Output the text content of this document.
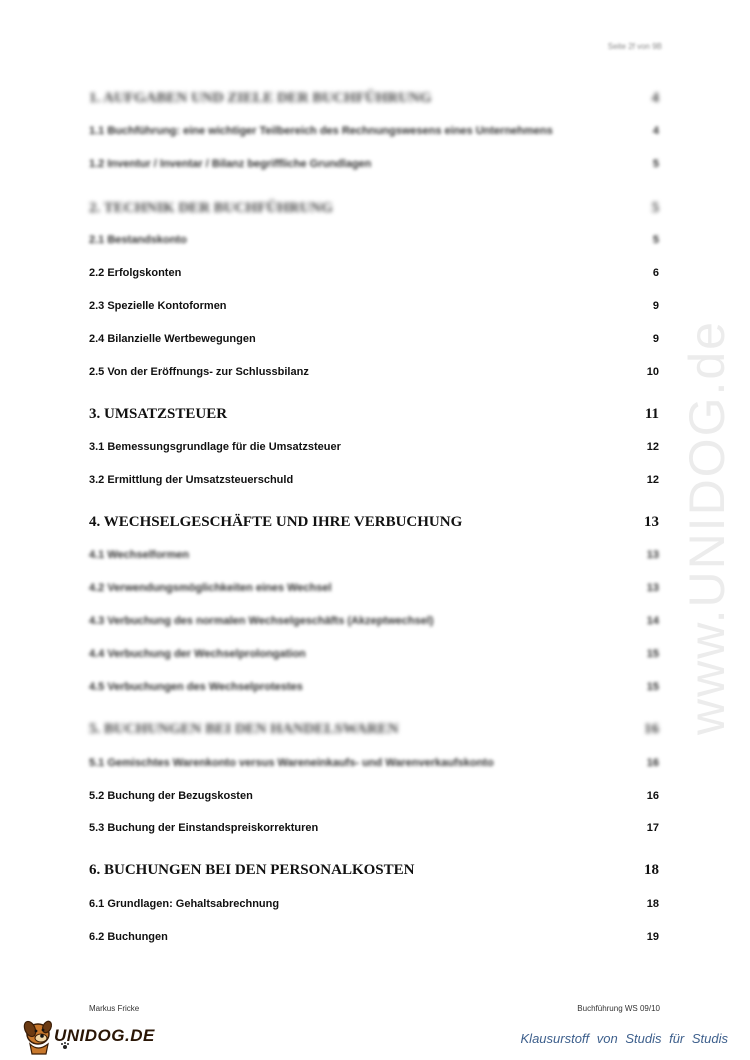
Seite 2f von 9B
1. AUFGABEN UND ZIELE DER BUCHFÜHRUNG	4
1.1 Buchführung: eine wichtiger Teilbereich des Rechnungswesens eines Unternehmens	4
1.2 Inventur / Inventar / Bilanz begriffliche Grundlagen	5
2. TECHNIK DER BUCHFÜHRUNG	5
2.1 Bestandskonto	5
2.2 Erfolgskonten	6
2.3 Spezielle Kontoformen	9
2.4 Bilanzielle Wertbewegungen	9
2.5 Von der Eröffnungs- zur Schlussbilanz	10
3. UMSATZSTEUER	11
3.1 Bemessungsgrundlage für die Umsatzsteuer	12
3.2 Ermittlung der Umsatzsteuerschuld	12
4. WECHSELGESCHÄFTE UND IHRE VERBUCHUNG	13
4.1 Wechselformen	13
4.2 Verwendungsmöglichkeiten eines Wechsel	13
4.3 Verbuchung des normalen Wechselgeschäfts (Akzeptwechsel)	14
4.4 Verbuchung der Wechselprolongation	15
4.5 Verbuchungen des Wechselprotestes	15
5. BUCHUNGEN BEI DEN HANDELSWAREN	16
5.1 Gemischtes Warenkonto versus Wareneinkaufs- und Warenverkaufskonto	16
5.2 Buchung der Bezugskosten	16
5.3 Buchung der Einstandspreiskorrekturen	17
6. BUCHUNGEN BEI DEN PERSONALKOSTEN	18
6.1 Grundlagen: Gehaltsabrechnung	18
6.2 Buchungen	19
www.UNIDOG.de
Markus Fricke	Buchführung WS 09/10
UNIDOG.DE	Klausurstoff von Studis für Studis
